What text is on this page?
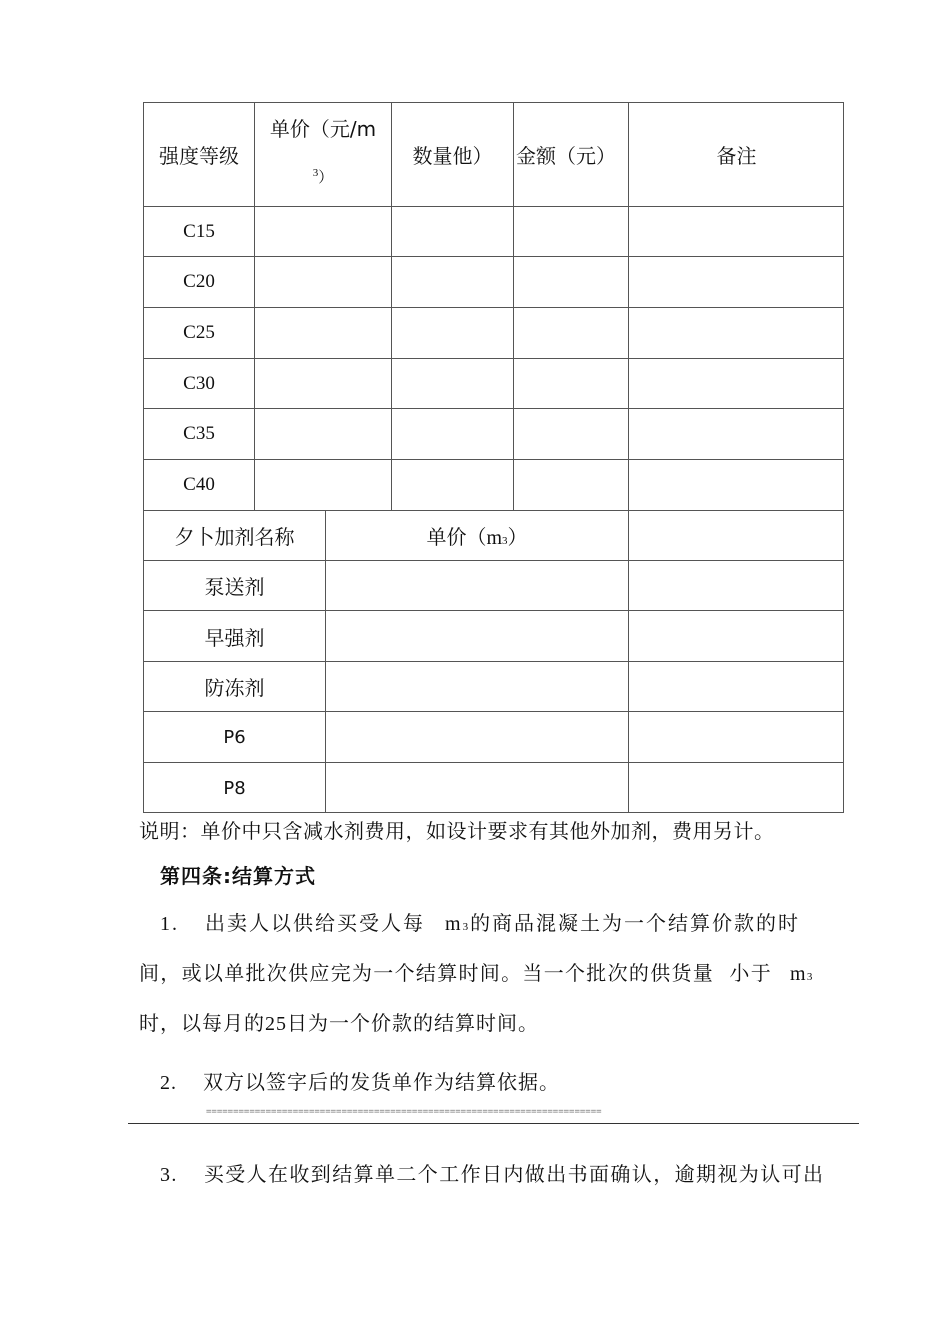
强度等级
单价（元/m
$^3$）
数量他） 金额（元）	备注
C15
C20
C25
C30
C35
C40
夕卜加剂名称	单价（m3）
泵送剂
早强剂
防冻剂
P6
P8
说明：单价中只含减水剂费用，如设计要求有其他外加剂，费用另计。
第四条:结算方式
1. 出卖人以供给买受人每 m3的商品混凝土为一个结算价款的时
间，或以单批次供应完为一个结算时间。当一个批次的供货量  小于 m3
时，以每月的25日为一个价款的结算时间。
2. 双方以签字后的发货单作为结算依据。
=========================================================================
3. 买受人在收到结算单二个工作日内做出书面确认，逾期视为认可出
